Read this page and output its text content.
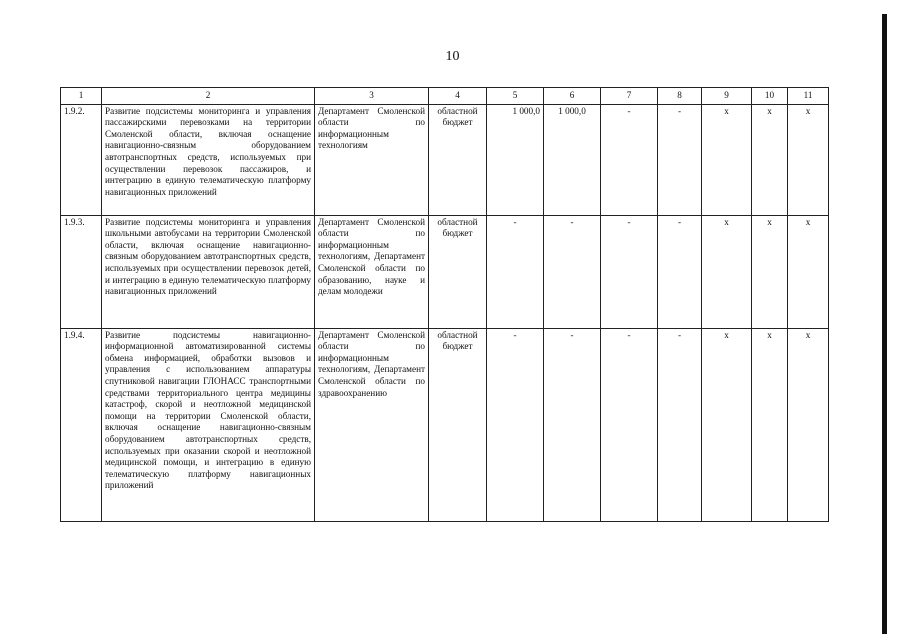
10
1	2	3	4	5	6	7	8	9	10	11
1.9.2.	Развитие подсистемы мониторинга и управления пассажирскими перевозками на территории Смоленской области, включая оснащение навигационно-связным оборудованием автотранспортных средств, используемых при осуществлении перевозок пассажиров, и интеграцию в единую телематическую платформу навигационных приложений	Департамент Смоленской области по информационным технологиям	областной бюджет	1 000,0	1 000,0	-	-	х	х	х
1.9.3.	Развитие подсистемы мониторинга и управления школьными автобусами на территории Смоленской области, включая оснащение навигационно-связным оборудованием автотранспортных средств, используемых при осуществлении перевозок детей, и интеграцию в единую телематическую платформу навигационных приложений	Департамент Смоленской области по информационным технологиям, Департамент Смоленской области по образованию, науке и делам молодежи	областной бюджет	-	-	-	-	х	х	х
1.9.4.	Развитие подсистемы навигационно-информационной автоматизированной системы обмена информацией, обработки вызовов и управления с использованием аппаратуры спутниковой навигации ГЛОНАСС транспортными средствами территориального центра медицины катастроф, скорой и неотложной медицинской помощи на территории Смоленской области, включая оснащение навигационно-связным оборудованием автотранспортных средств, используемых при оказании скорой и неотложной медицинской помощи, и интеграцию в единую телематическую платформу навигационных приложений	Департамент Смоленской области по информационным технологиям, Департамент Смоленской области по здравоохранению	областной бюджет	-	-	-	-	х	х	х
